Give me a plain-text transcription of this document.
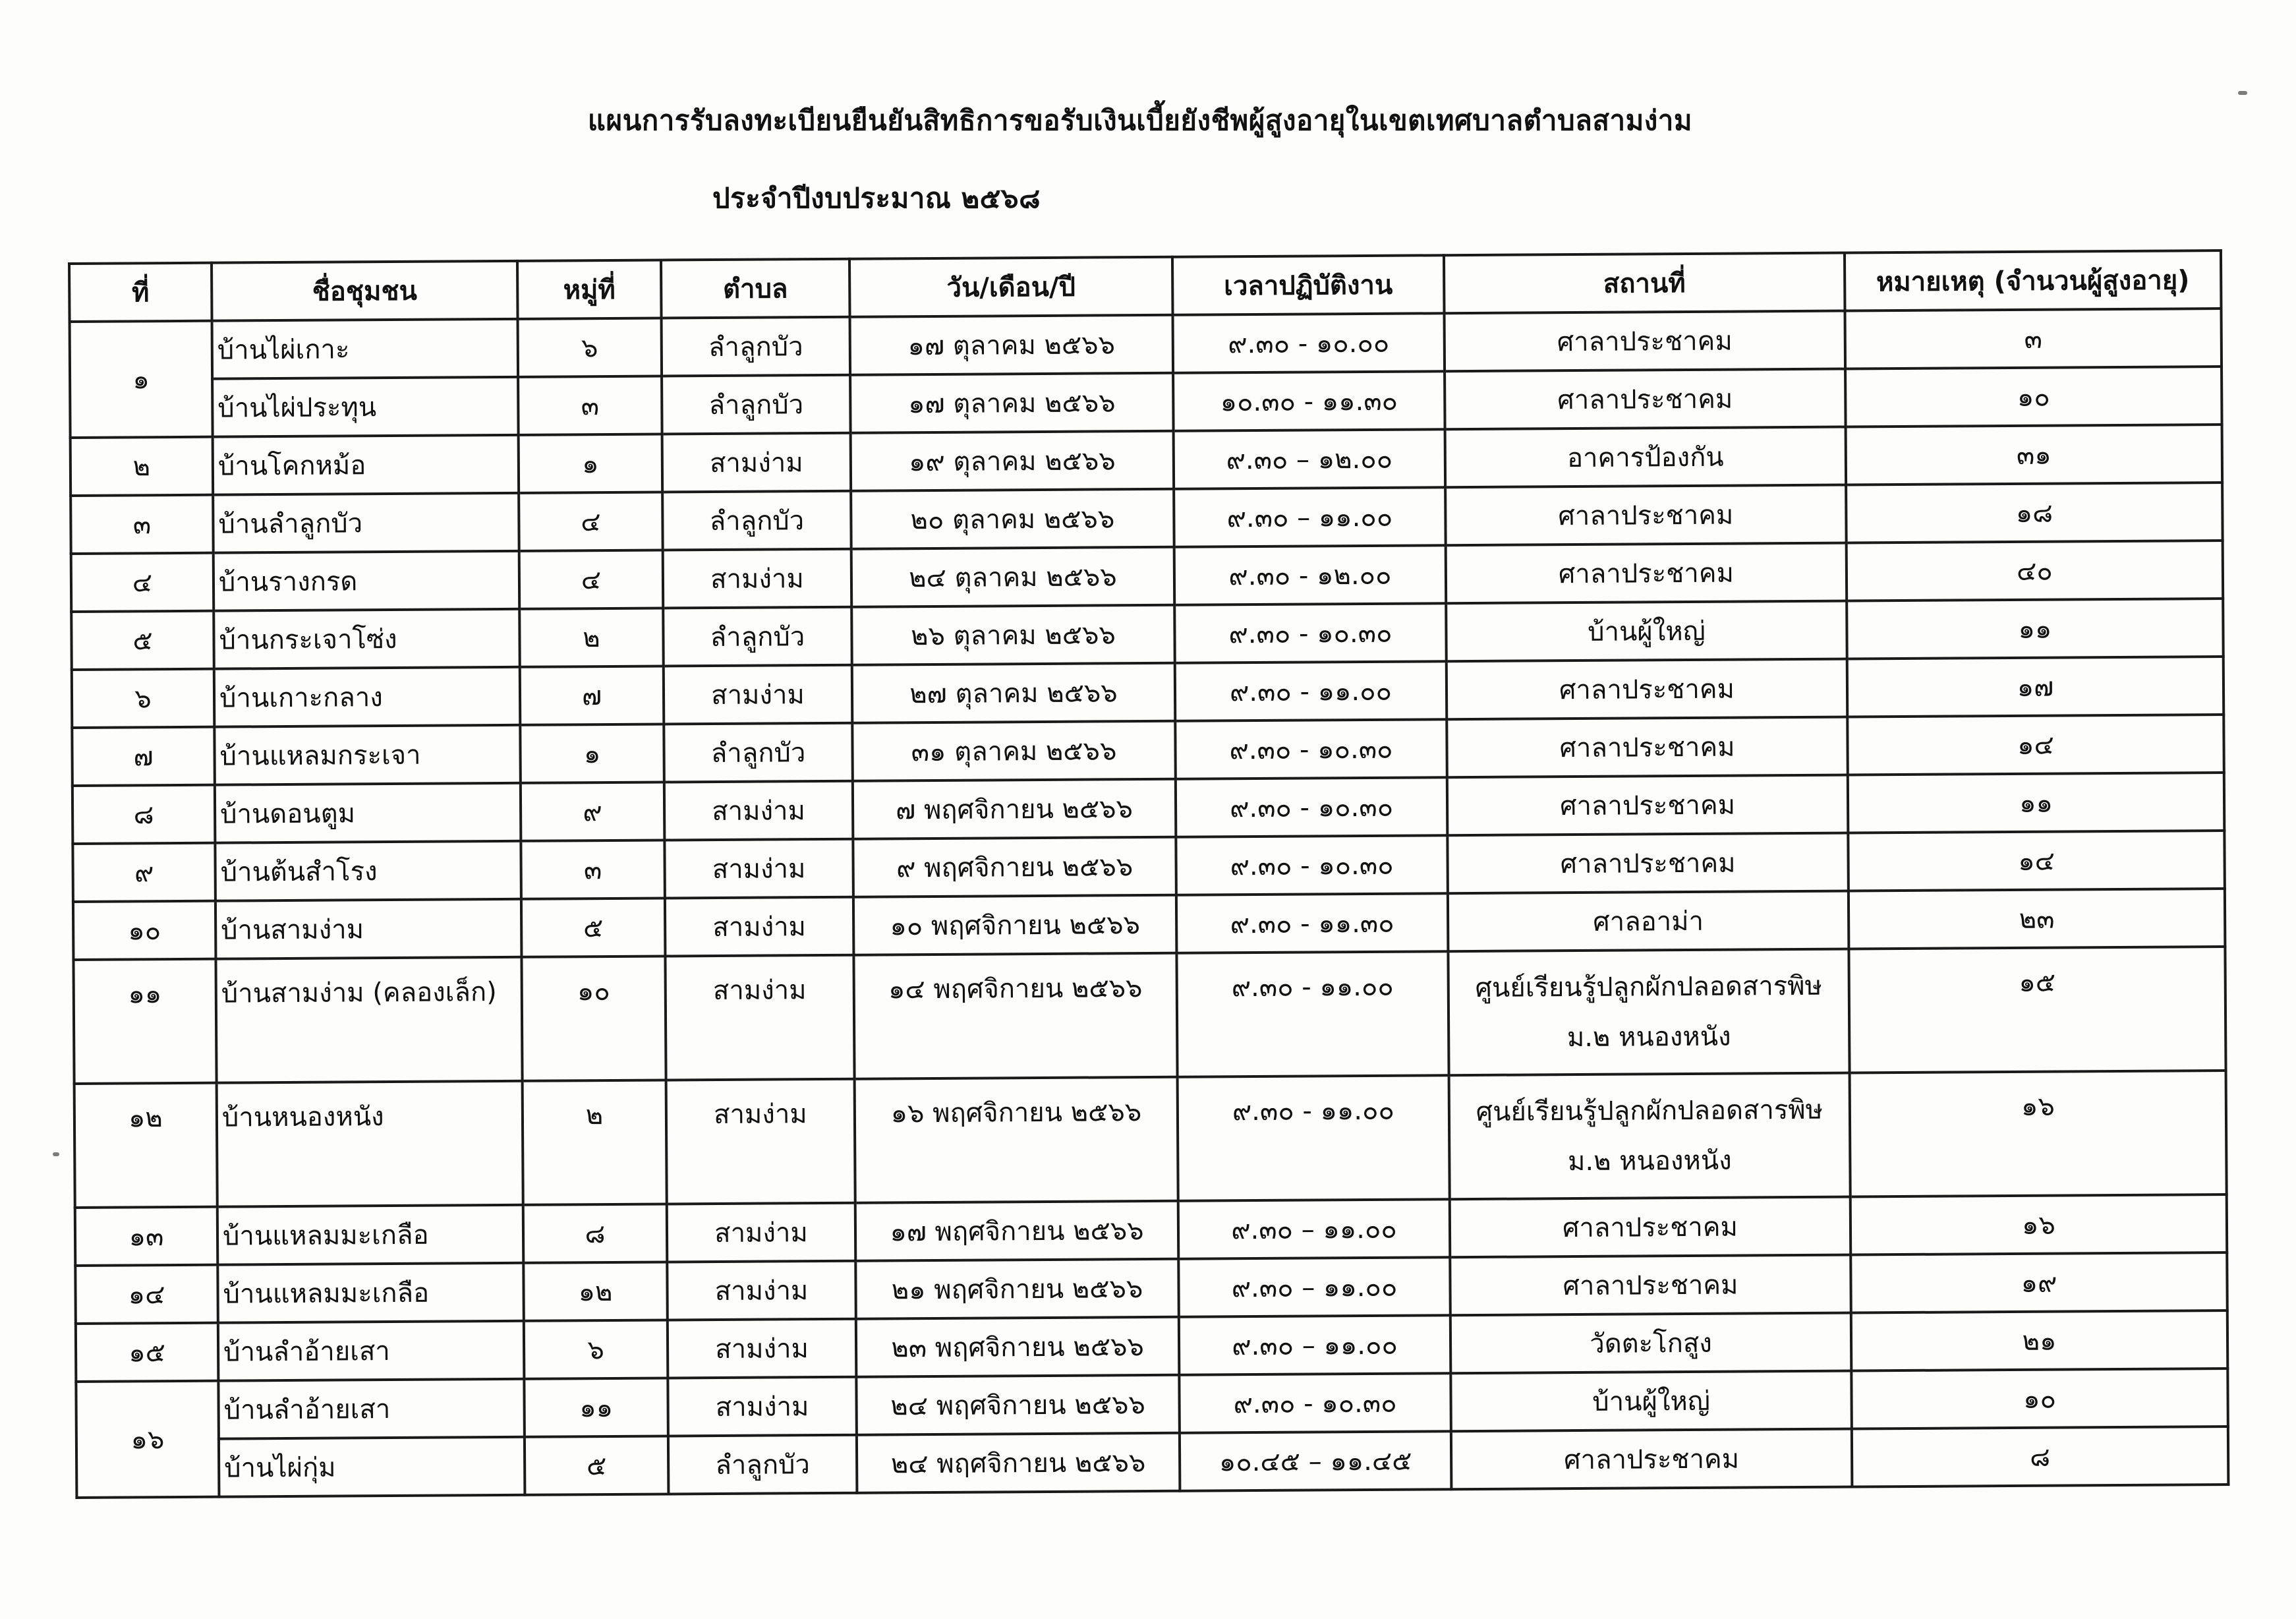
แผนการรับลงทะเบียนยืนยันสิทธิการขอรับเงินเบี้ยยังชีพผู้สูงอายุในเขตเทศบาลตำบลสามง่าม
ประจำปีงบประมาณ ๒๕๖๘
ที่	ชื่อชุมชน	หมู่ที่	ตำบล	วัน/เดือน/ปี	เวลาปฏิบัติงาน	สถานที่	หมายเหตุ (จำนวนผู้สูงอายุ)
๑	บ้านไผ่เกาะ	๖	ลำลูกบัว	๑๗ ตุลาคม ๒๕๖๖	๙.๓๐ - ๑๐.๐๐	ศาลาประชาคม	๓
	บ้านไผ่ประทุน	๓	ลำลูกบัว	๑๗ ตุลาคม ๒๕๖๖	๑๐.๓๐ - ๑๑.๓๐	ศาลาประชาคม	๑๐
๒	บ้านโคกหม้อ	๑	สามง่าม	๑๙ ตุลาคม ๒๕๖๖	๙.๓๐ – ๑๒.๐๐	อาคารป้องกัน	๓๑
๓	บ้านลำลูกบัว	๔	ลำลูกบัว	๒๐ ตุลาคม ๒๕๖๖	๙.๓๐ – ๑๑.๐๐	ศาลาประชาคม	๑๘
๔	บ้านรางกรด	๔	สามง่าม	๒๔ ตุลาคม ๒๕๖๖	๙.๓๐ - ๑๒.๐๐	ศาลาประชาคม	๔๐
๕	บ้านกระเจาโซ่ง	๒	ลำลูกบัว	๒๖ ตุลาคม ๒๕๖๖	๙.๓๐ - ๑๐.๓๐	บ้านผู้ใหญ่	๑๑
๖	บ้านเกาะกลาง	๗	สามง่าม	๒๗ ตุลาคม ๒๕๖๖	๙.๓๐ - ๑๑.๐๐	ศาลาประชาคม	๑๗
๗	บ้านแหลมกระเจา	๑	ลำลูกบัว	๓๑ ตุลาคม ๒๕๖๖	๙.๓๐ - ๑๐.๓๐	ศาลาประชาคม	๑๔
๘	บ้านดอนตูม	๙	สามง่าม	๗ พฤศจิกายน ๒๕๖๖	๙.๓๐ - ๑๐.๓๐	ศาลาประชาคม	๑๑
๙	บ้านต้นสำโรง	๓	สามง่าม	๙ พฤศจิกายน ๒๕๖๖	๙.๓๐ - ๑๐.๓๐	ศาลาประชาคม	๑๔
๑๐	บ้านสามง่าม	๕	สามง่าม	๑๐ พฤศจิกายน ๒๕๖๖	๙.๓๐ - ๑๑.๓๐	ศาลอาม่า	๒๓
๑๑	บ้านสามง่าม (คลองเล็ก)	๑๐	สามง่าม	๑๔ พฤศจิกายน ๒๕๖๖	๙.๓๐ - ๑๑.๐๐	ศูนย์เรียนรู้ปลูกผักปลอดสารพิษ
ม.๒ หนองหนัง	๑๕
๑๒	บ้านหนองหนัง	๒	สามง่าม	๑๖ พฤศจิกายน ๒๕๖๖	๙.๓๐ - ๑๑.๐๐	ศูนย์เรียนรู้ปลูกผักปลอดสารพิษ
ม.๒ หนองหนัง	๑๖
๑๓	บ้านแหลมมะเกลือ	๘	สามง่าม	๑๗ พฤศจิกายน ๒๕๖๖	๙.๓๐ – ๑๑.๐๐	ศาลาประชาคม	๑๖
๑๔	บ้านแหลมมะเกลือ	๑๒	สามง่าม	๒๑ พฤศจิกายน ๒๕๖๖	๙.๓๐ – ๑๑.๐๐	ศาลาประชาคม	๑๙
๑๕	บ้านลำอ้ายเสา	๖	สามง่าม	๒๓ พฤศจิกายน ๒๕๖๖	๙.๓๐ – ๑๑.๐๐	วัดตะโกสูง	๒๑
๑๖	บ้านลำอ้ายเสา	๑๑	สามง่าม	๒๔ พฤศจิกายน ๒๕๖๖	๙.๓๐ - ๑๐.๓๐	บ้านผู้ใหญ่	๑๐
	บ้านไผ่กุ่ม	๕	ลำลูกบัว	๒๔ พฤศจิกายน ๒๕๖๖	๑๐.๔๕ – ๑๑.๔๕	ศาลาประชาคม	๘
